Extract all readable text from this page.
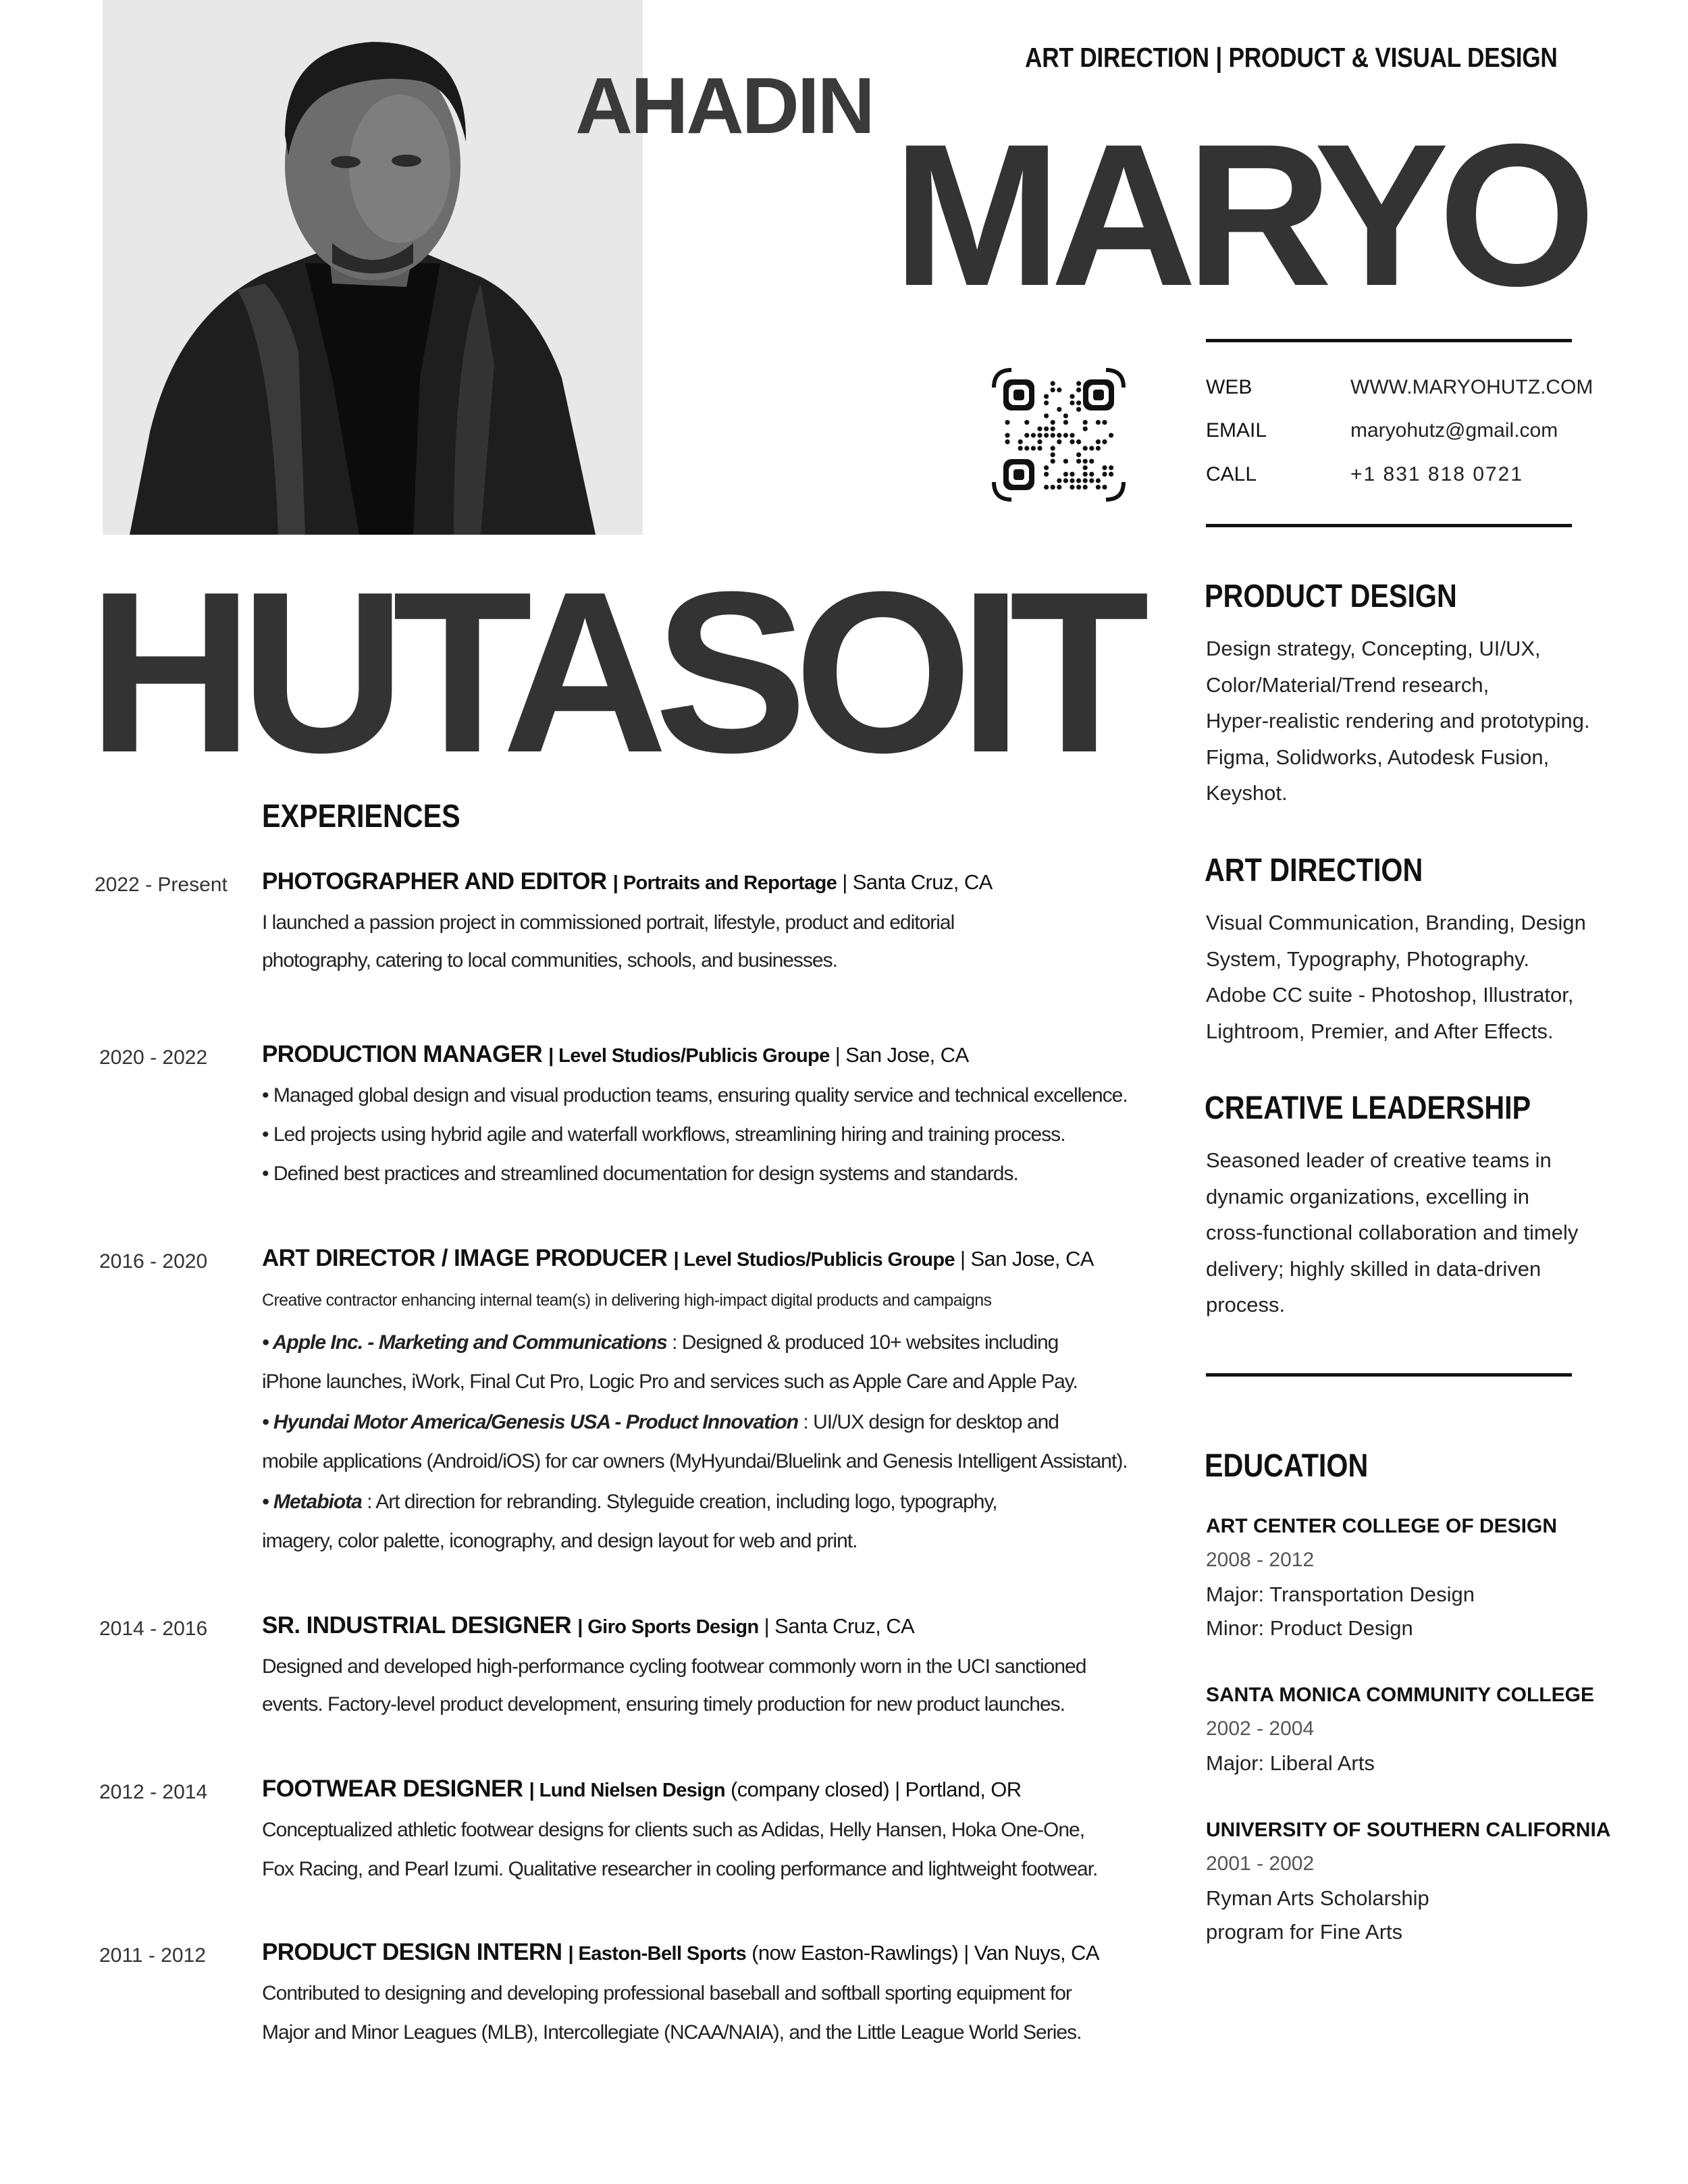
ART DIRECTION | PRODUCT & VISUAL DESIGN
AHADIN MARYO
HUTASOIT
WEB	WWW.MARYOHUTZ.COM
EMAIL	maryohutz@gmail.com
CALL	+1 831 818 0721
PRODUCT DESIGN
Design strategy, Concepting, UI/UX,
Color/Material/Trend research,
Hyper-realistic rendering and prototyping.
Figma, Solidworks, Autodesk Fusion,
Keyshot.
ART DIRECTION
Visual Communication, Branding, Design
System, Typography, Photography.
Adobe CC suite - Photoshop, Illustrator,
Lightroom, Premier, and After Effects.
CREATIVE LEADERSHIP
Seasoned leader of creative teams in
dynamic organizations, excelling in
cross-functional collaboration and timely
delivery; highly skilled in data-driven
process.
EDUCATION
ART CENTER COLLEGE OF DESIGN
2008 - 2012
Major: Transportation Design
Minor: Product Design
SANTA MONICA COMMUNITY COLLEGE
2002 - 2004
Major: Liberal Arts
UNIVERSITY OF SOUTHERN CALIFORNIA
2001 - 2002
Ryman Arts Scholarship
program for Fine Arts
EXPERIENCES
2022 - Present PHOTOGRAPHER AND EDITOR | Portraits and Reportage | Santa Cruz, CA
I launched a passion project in commissioned portrait, lifestyle, product and editorial
photography, catering to local communities, schools, and businesses.
2020 - 2022 PRODUCTION MANAGER | Level Studios/Publicis Groupe | San Jose, CA
• Managed global design and visual production teams, ensuring quality service and technical excellence.
• Led projects using hybrid agile and waterfall workflows, streamlining hiring and training process.
• Defined best practices and streamlined documentation for design systems and standards.
2016 - 2020 ART DIRECTOR / IMAGE PRODUCER | Level Studios/Publicis Groupe | San Jose, CA
Creative contractor enhancing internal team(s) in delivering high-impact digital products and campaigns
• Apple Inc. - Marketing and Communications : Designed & produced 10+ websites including
iPhone launches, iWork, Final Cut Pro, Logic Pro and services such as Apple Care and Apple Pay.
• Hyundai Motor America/Genesis USA - Product Innovation : UI/UX design for desktop and
mobile applications (Android/iOS) for car owners (MyHyundai/Bluelink and Genesis Intelligent Assistant).
• Metabiota : Art direction for rebranding. Styleguide creation, including logo, typography,
imagery, color palette, iconography, and design layout for web and print.
2014 - 2016 SR. INDUSTRIAL DESIGNER | Giro Sports Design | Santa Cruz, CA
Designed and developed high-performance cycling footwear commonly worn in the UCI sanctioned
events. Factory-level product development, ensuring timely production for new product launches.
2012 - 2014 FOOTWEAR DESIGNER | Lund Nielsen Design (company closed) | Portland, OR
Conceptualized athletic footwear designs for clients such as Adidas, Helly Hansen, Hoka One-One,
Fox Racing, and Pearl Izumi. Qualitative researcher in cooling performance and lightweight footwear.
2011 - 2012 PRODUCT DESIGN INTERN | Easton-Bell Sports (now Easton-Rawlings) | Van Nuys, CA
Contributed to designing and developing professional baseball and softball sporting equipment for
Major and Minor Leagues (MLB), Intercollegiate (NCAA/NAIA), and the Little League World Series.
